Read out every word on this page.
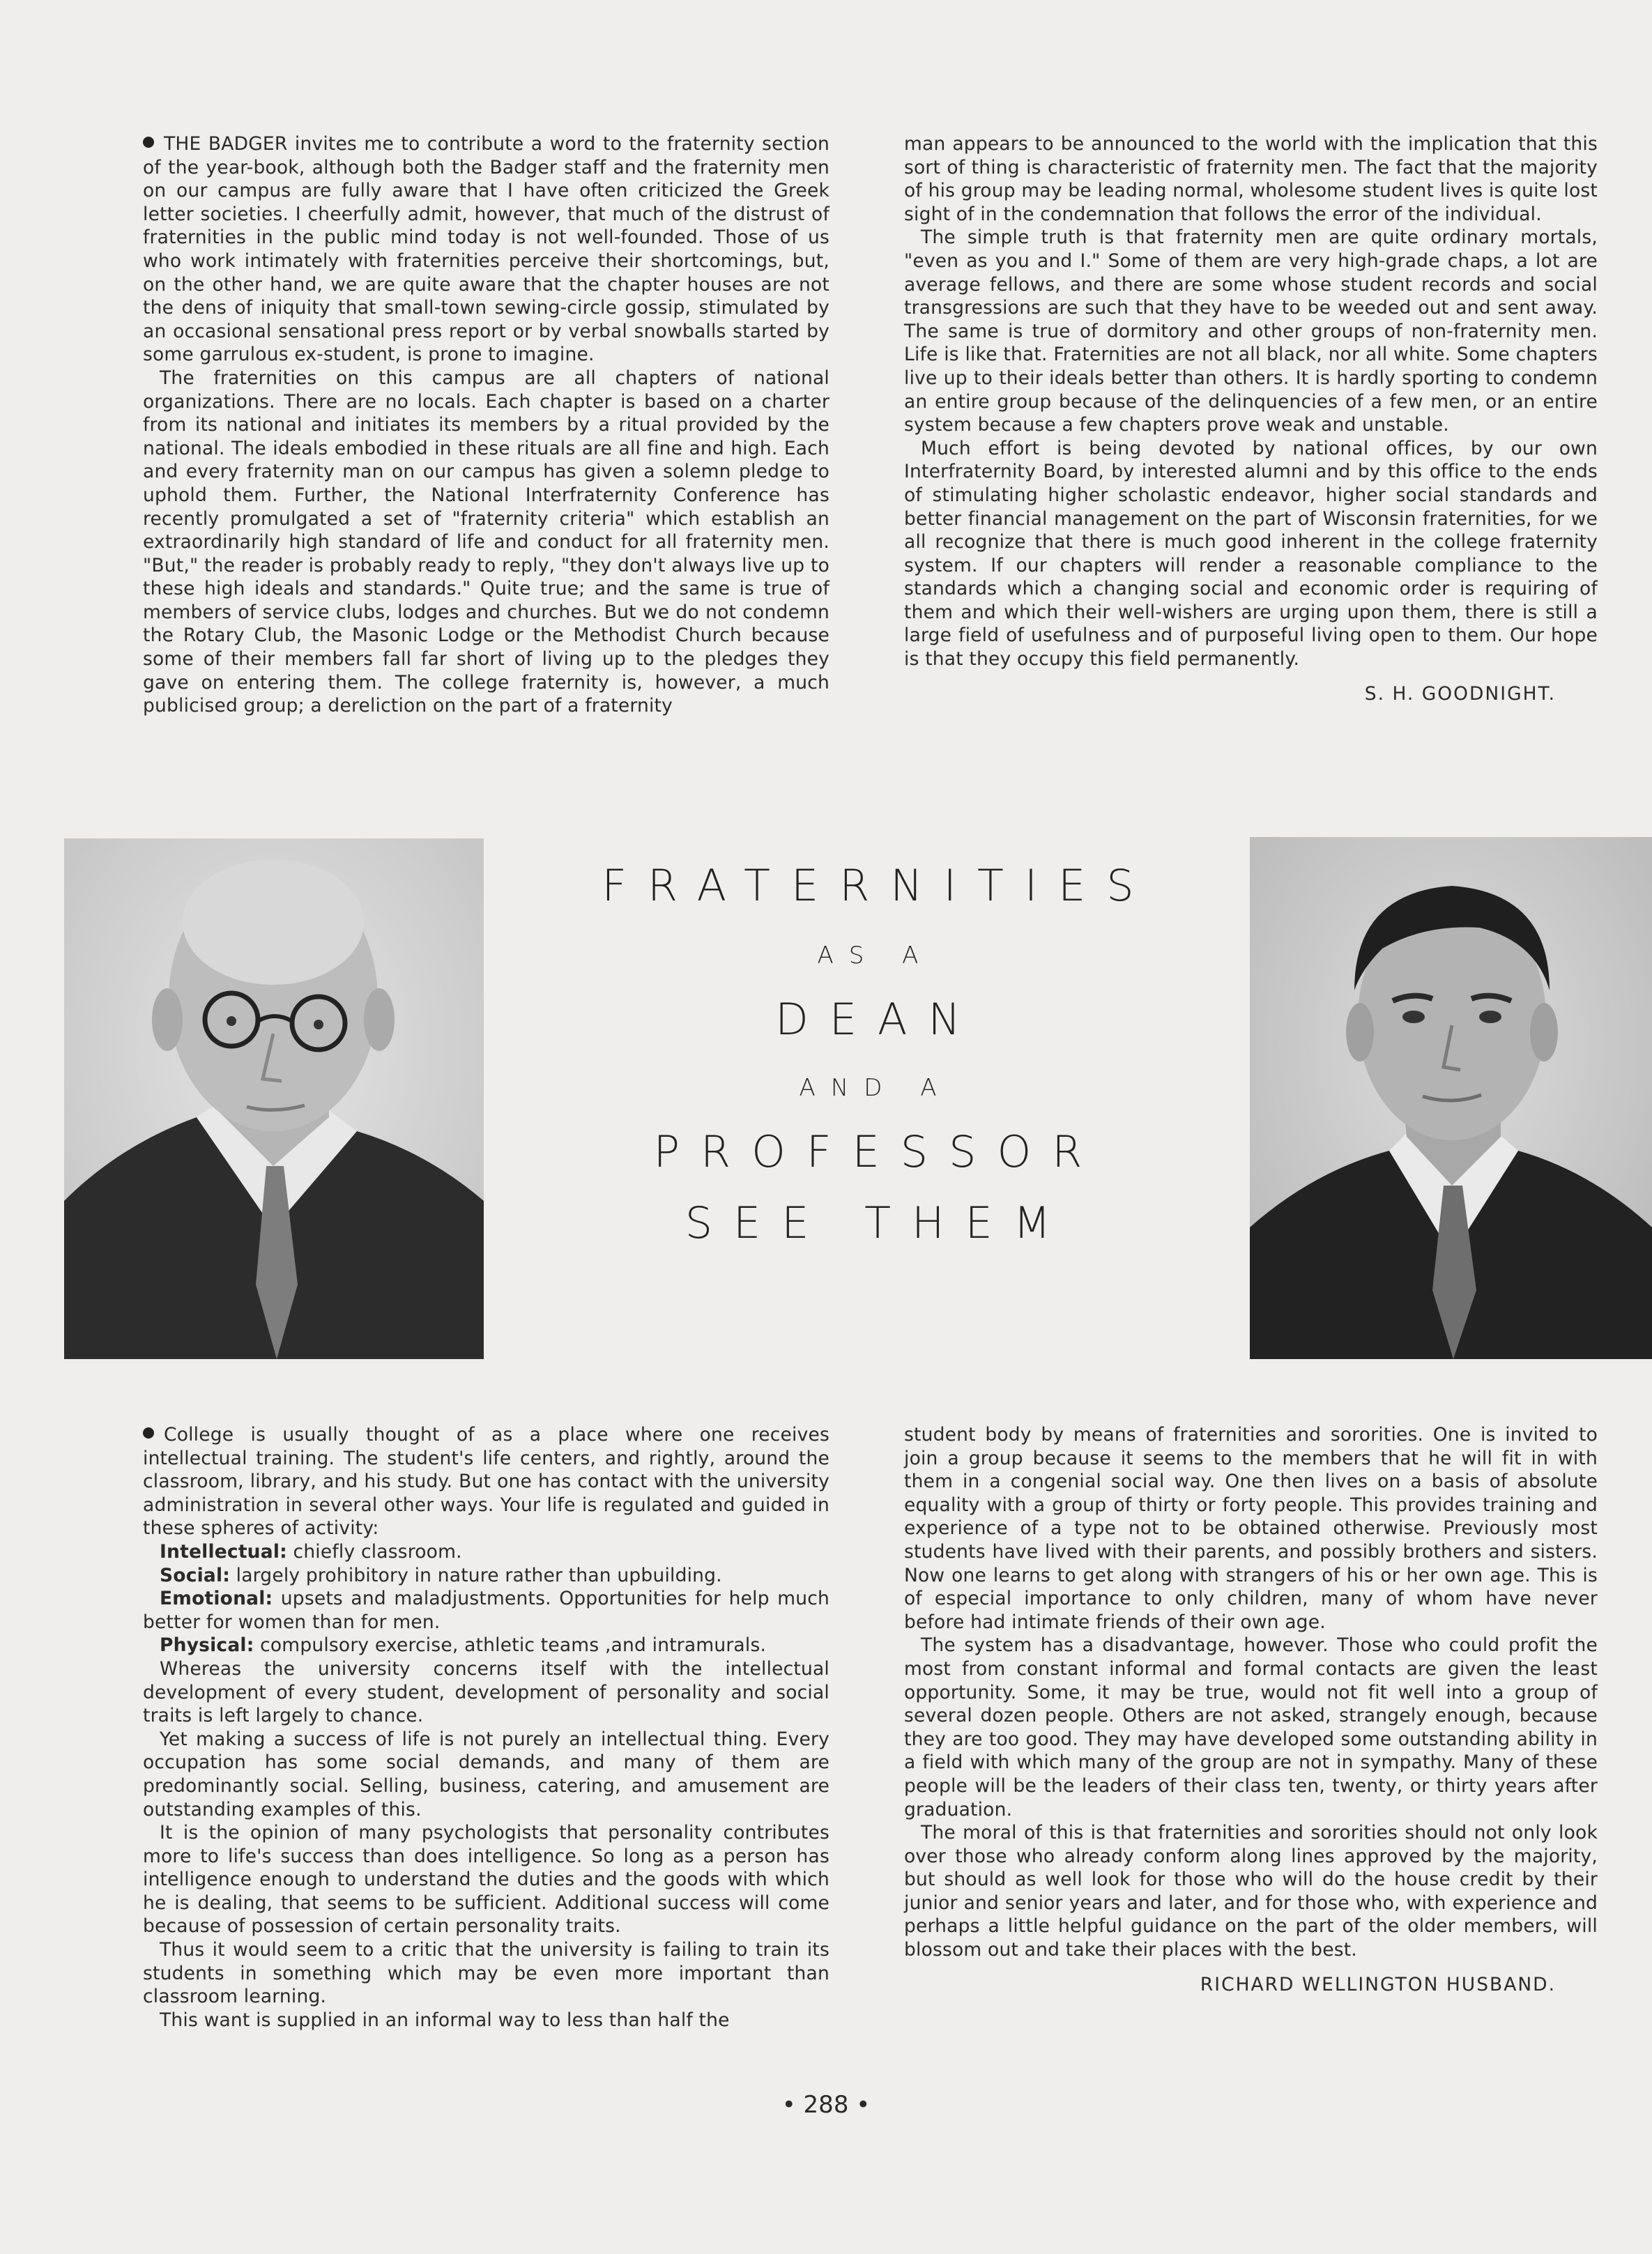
THE BADGER invites me to contribute a word to the fraternity section of the year-book, although both the Badger staff and the fraternity men on our campus are fully aware that I have often criticized the Greek letter societies. I cheerfully admit, however, that much of the distrust of fraternities in the public mind today is not well-founded. Those of us who work intimately with fraternities perceive their shortcomings, but, on the other hand, we are quite aware that the chapter houses are not the dens of iniquity that small-town sewing-circle gossip, stimulated by an occasional sensational press report or by verbal snowballs started by some garrulous ex-student, is prone to imagine.

The fraternities on this campus are all chapters of national organizations. There are no locals. Each chapter is based on a charter from its national and initiates its members by a ritual provided by the national. The ideals embodied in these rituals are all fine and high. Each and every fraternity man on our campus has given a solemn pledge to uphold them. Further, the National Interfraternity Conference has recently promulgated a set of "fraternity criteria" which establish an extraordinarily high standard of life and conduct for all fraternity men. "But," the reader is probably ready to reply, "they don't always live up to these high ideals and standards." Quite true; and the same is true of members of service clubs, lodges and churches. But we do not condemn the Rotary Club, the Masonic Lodge or the Methodist Church because some of their members fall far short of living up to the pledges they gave on entering them. The college fraternity is, however, a much publicised group; a dereliction on the part of a fraternity

man appears to be announced to the world with the implication that this sort of thing is characteristic of fraternity men. The fact that the majority of his group may be leading normal, wholesome student lives is quite lost sight of in the condemnation that follows the error of the individual.

The simple truth is that fraternity men are quite ordinary mortals, "even as you and I." Some of them are very high-grade chaps, a lot are average fellows, and there are some whose student records and social transgressions are such that they have to be weeded out and sent away. The same is true of dormitory and other groups of non-fraternity men. Life is like that. Fraternities are not all black, nor all white. Some chapters live up to their ideals better than others. It is hardly sporting to condemn an entire group because of the delinquencies of a few men, or an entire system because a few chapters prove weak and unstable.

Much effort is being devoted by national offices, by our own Interfraternity Board, by interested alumni and by this office to the ends of stimulating higher scholastic endeavor, higher social standards and better financial management on the part of Wisconsin fraternities, for we all recognize that there is much good inherent in the college fraternity system. If our chapters will render a reasonable compliance to the standards which a changing social and economic order is requiring of them and which their well-wishers are urging upon them, there is still a large field of usefulness and of purposeful living open to them. Our hope is that they occupy this field permanently.

S. H. GOODNIGHT.
FRATERNITIES
AS A
DEAN
AND A
PROFESSOR
SEE THEM

College is usually thought of as a place where one receives intellectual training. The student's life centers, and rightly, around the classroom, library, and his study. But one has contact with the university administration in several other ways. Your life is regulated and guided in these spheres of activity:

Intellectual: chiefly classroom.

Social: largely prohibitory in nature rather than upbuilding.

Emotional: upsets and maladjustments. Opportunities for help much better for women than for men.

Physical: compulsory exercise, athletic teams ,and intramurals.

Whereas the university concerns itself with the intellectual development of every student, development of personality and social traits is left largely to chance.

Yet making a success of life is not purely an intellectual thing. Every occupation has some social demands, and many of them are predominantly social. Selling, business, catering, and amusement are outstanding examples of this.

It is the opinion of many psychologists that personality contributes more to life's success than does intelligence. So long as a person has intelligence enough to understand the duties and the goods with which he is dealing, that seems to be sufficient. Additional success will come because of possession of certain personality traits.

Thus it would seem to a critic that the university is failing to train its students in something which may be even more important than classroom learning.

This want is supplied in an informal way to less than half the

student body by means of fraternities and sororities. One is invited to join a group because it seems to the members that he will fit in with them in a congenial social way. One then lives on a basis of absolute equality with a group of thirty or forty people. This provides training and experience of a type not to be obtained otherwise. Previously most students have lived with their parents, and possibly brothers and sisters. Now one learns to get along with strangers of his or her own age. This is of especial importance to only children, many of whom have never before had intimate friends of their own age.

The system has a disadvantage, however. Those who could profit the most from constant informal and formal contacts are given the least opportunity. Some, it may be true, would not fit well into a group of several dozen people. Others are not asked, strangely enough, because they are too good. They may have developed some outstanding ability in a field with which many of the group are not in sympathy. Many of these people will be the leaders of their class ten, twenty, or thirty years after graduation.

The moral of this is that fraternities and sororities should not only look over those who already conform along lines approved by the majority, but should as well look for those who will do the house credit by their junior and senior years and later, and for those who, with experience and perhaps a little helpful guidance on the part of the older members, will blossom out and take their places with the best.

RICHARD WELLINGTON HUSBAND.
• 288 •
